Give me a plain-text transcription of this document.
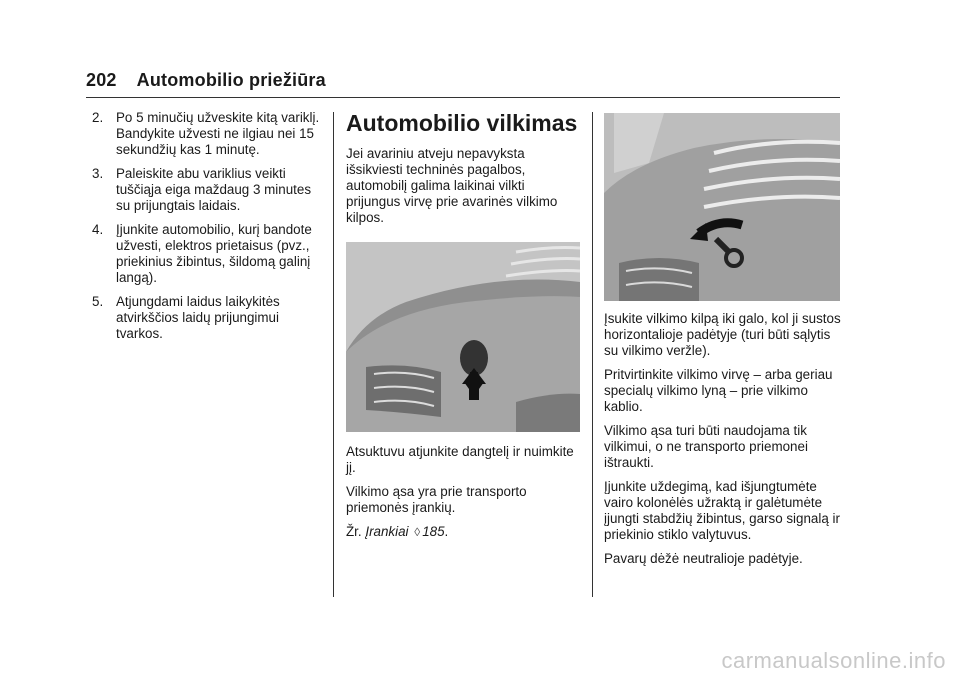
202 Automobilio priežiūra
2. Po 5 minučių užveskite kitą variklį. Bandykite užvesti ne ilgiau nei 15 sekundžių kas 1 minutę.
3. Paleiskite abu variklius veikti tuščiąja eiga maždaug 3 minutes su prijungtais laidais.
4. Įjunkite automobilio, kurį bandote užvesti, elektros prietaisus (pvz., priekinius žibintus, šildomą galinį langą).
5. Atjungdami laidus laikykitės atvirkščios laidų prijungimui tvarkos.
Automobilio vilkimas

Jei avariniu atveju nepavyksta išsikviesti techninės pagalbos, automobilį galima laikinai vilkti prijungus virvę prie avarinės vilkimo kilpos.

Atsuktuvu atjunkite dangtelį ir nuimkite jį.

Vilkimo ąsa yra prie transporto priemonės įrankių.

Žr. Įrankiai ◊ 185.

Įsukite vilkimo kilpą iki galo, kol ji sustos horizontalioje padėtyje (turi būti sąlytis su vilkimo veržle).

Pritvirtinkite vilkimo virvę – arba geriau specialų vilkimo lyną – prie vilkimo kablio.

Vilkimo ąsa turi būti naudojama tik vilkimui, o ne transporto priemonei ištraukti.

Įjunkite uždegimą, kad išjungtumėte vairo kolonėlės užraktą ir galėtumėte įjungti stabdžių žibintus, garso signalą ir priekinio stiklo valytuvus.

Pavarų dėžė neutralioje padėtyje.

carmanualsonline.info
